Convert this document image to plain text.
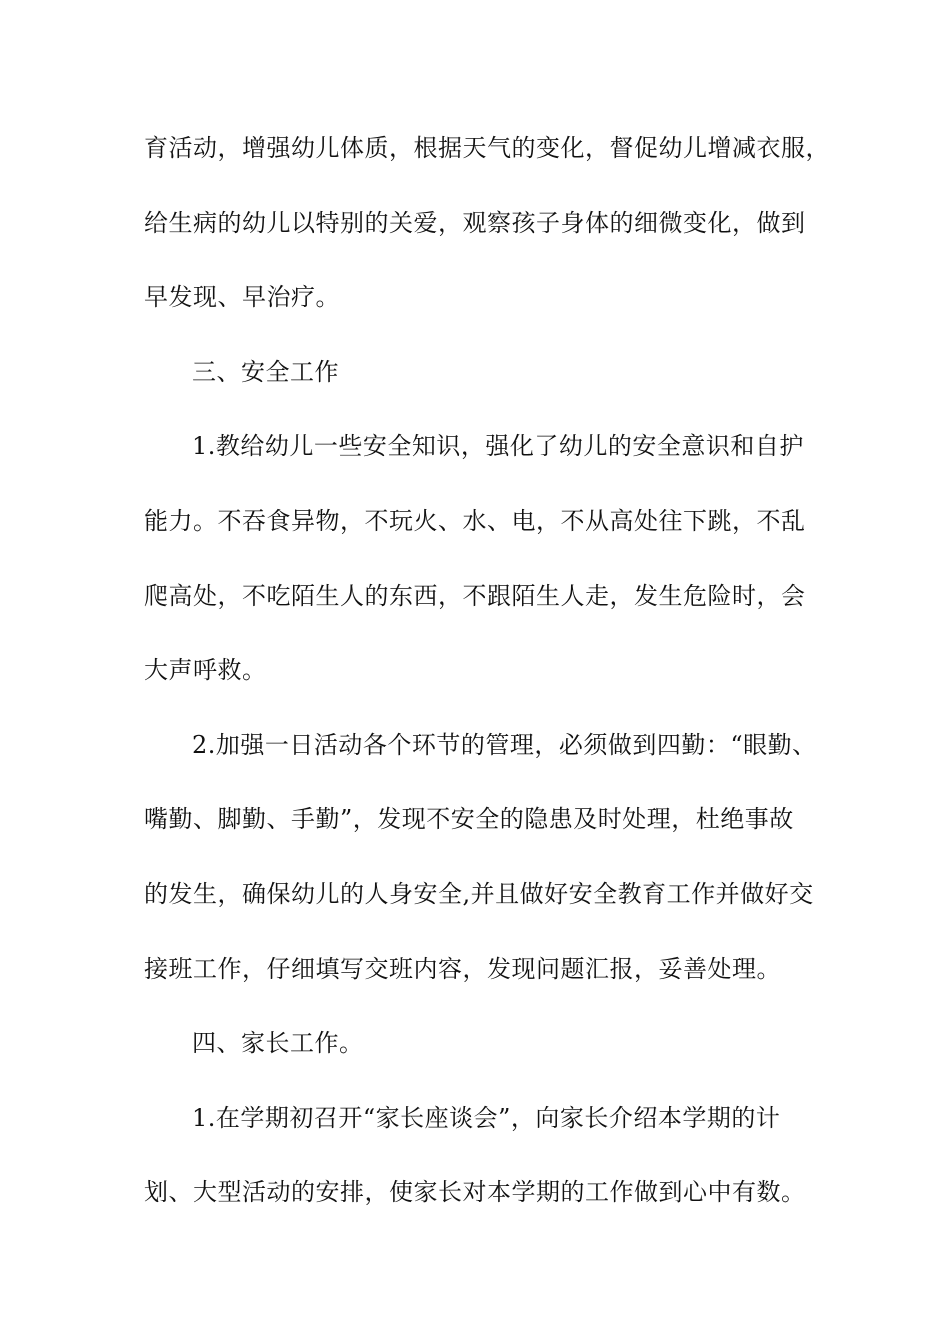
育活动，增强幼儿体质，根据天气的变化，督促幼儿增减衣服，
给生病的幼儿以特别的关爱，观察孩子身体的细微变化，做到
早发现、早治疗。
三、安全工作
1.教给幼儿一些安全知识，强化了幼儿的安全意识和自护
能力。不吞食异物，不玩火、水、电，不从高处往下跳，不乱
爬高处，不吃陌生人的东西，不跟陌生人走，发生危险时，会
大声呼救。
2.加强一日活动各个环节的管理，必须做到四勤：“眼勤、
嘴勤、脚勤、手勤”，发现不安全的隐患及时处理，杜绝事故
的发生，确保幼儿的人身安全,并且做好安全教育工作并做好交
接班工作，仔细填写交班内容，发现问题汇报，妥善处理。
四、家长工作。
1.在学期初召开“家长座谈会”，向家长介绍本学期的计
划、大型活动的安排，使家长对本学期的工作做到心中有数。
